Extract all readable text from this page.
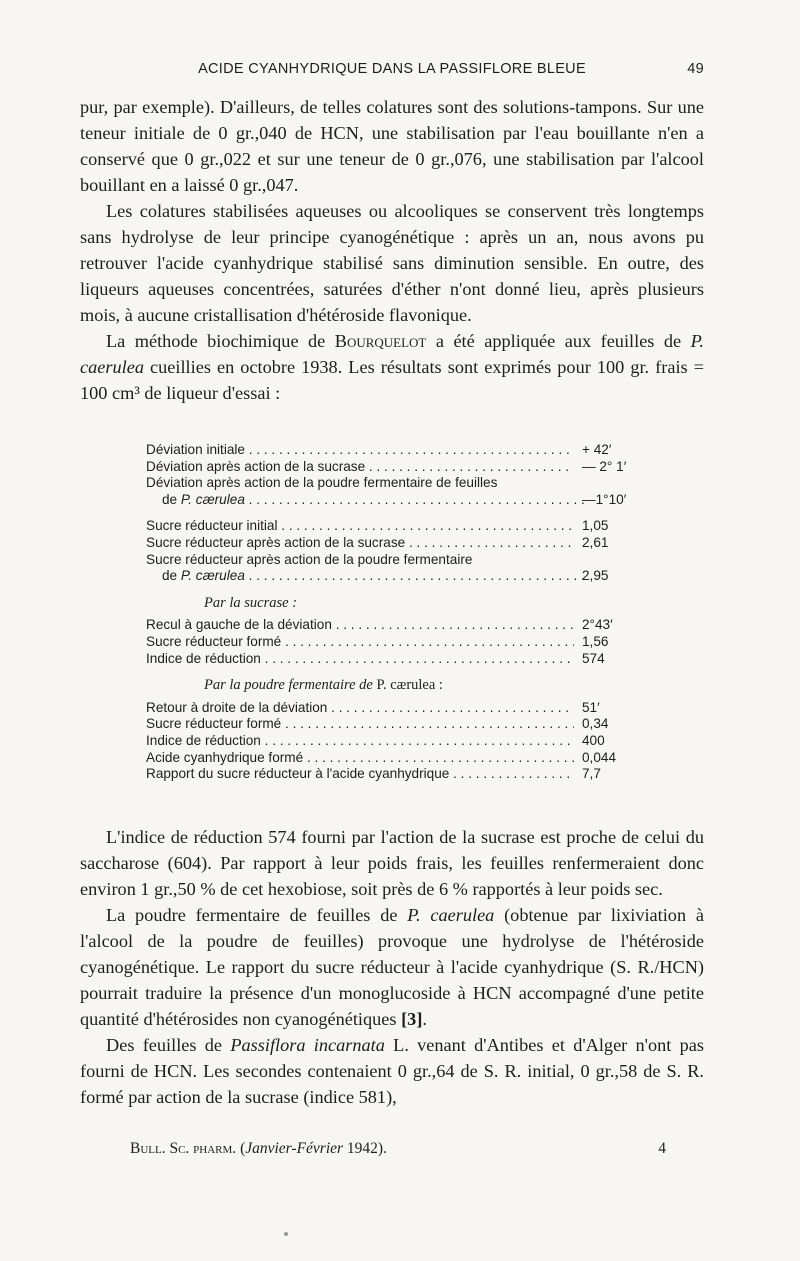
ACIDE CYANHYDRIQUE DANS LA PASSIFLORE BLEUE	49

pur, par exemple). D'ailleurs, de telles colatures sont des solutions-tampons. Sur une teneur initiale de 0 gr.,040 de HCN, une stabilisation par l'eau bouillante n'en a conservé que 0 gr.,022 et sur une teneur de 0 gr.,076, une stabilisation par l'alcool bouillant en a laissé 0 gr.,047.

Les colatures stabilisées aqueuses ou alcooliques se conservent très longtemps sans hydrolyse de leur principe cyanogénétique : après un an, nous avons pu retrouver l'acide cyanhydrique stabilisé sans diminution sensible. En outre, des liqueurs aqueuses concentrées, saturées d'éther n'ont donné lieu, après plusieurs mois, à aucune cristallisation d'hétéroside flavonique.

La méthode biochimique de Bourquelot a été appliquée aux feuilles de P. caerulea cueillies en octobre 1938. Les résultats sont exprimés pour 100 gr. frais = 100 cm³ de liqueur d'essai :

Déviation initiale . . .	+ 42′
Déviation après action de la sucrase . . .	— 2° 1′
Déviation après action de la poudre fermentaire de feuilles
de P. cærulea . . .	—1°10′
Sucre réducteur initial . . .	1,05
Sucre réducteur après action de la sucrase . . .	2,61
Sucre réducteur après action de la poudre fermentaire
de P. cærulea . . .	2,95
Par la sucrase :
Recul à gauche de la déviation . . .	2°43′
Sucre réducteur formé . . .	1,56
Indice de réduction . . .	574
Par la poudre fermentaire de P. cærulea :
Retour à droite de la déviation . . .	51′
Sucre réducteur formé . . .	0,34
Indice de réduction . . .	400
Acide cyanhydrique formé . . .	0,044
Rapport du sucre réducteur à l'acide cyanhydrique . . .	7,7

L'indice de réduction 574 fourni par l'action de la sucrase est proche de celui du saccharose (604). Par rapport à leur poids frais, les feuilles renfermeraient donc environ 1 gr.,50 % de cet hexobiose, soit près de 6 % rapportés à leur poids sec.

La poudre fermentaire de feuilles de P. caerulea (obtenue par lixiviation à l'alcool de la poudre de feuilles) provoque une hydrolyse de l'hétéroside cyanogénétique. Le rapport du sucre réducteur à l'acide cyanhydrique (S. R./HCN) pourrait traduire la présence d'un monoglucoside à HCN accompagné d'une petite quantité d'hétérosides non cyanogénétiques [3].

Des feuilles de Passiflora incarnata L. venant d'Antibes et d'Alger n'ont pas fourni de HCN. Les secondes contenaient 0 gr.,64 de S. R. initial, 0 gr.,58 de S. R. formé par action de la sucrase (indice 581),

Bull. Sc. pharm. (Janvier-Février 1942).	4
